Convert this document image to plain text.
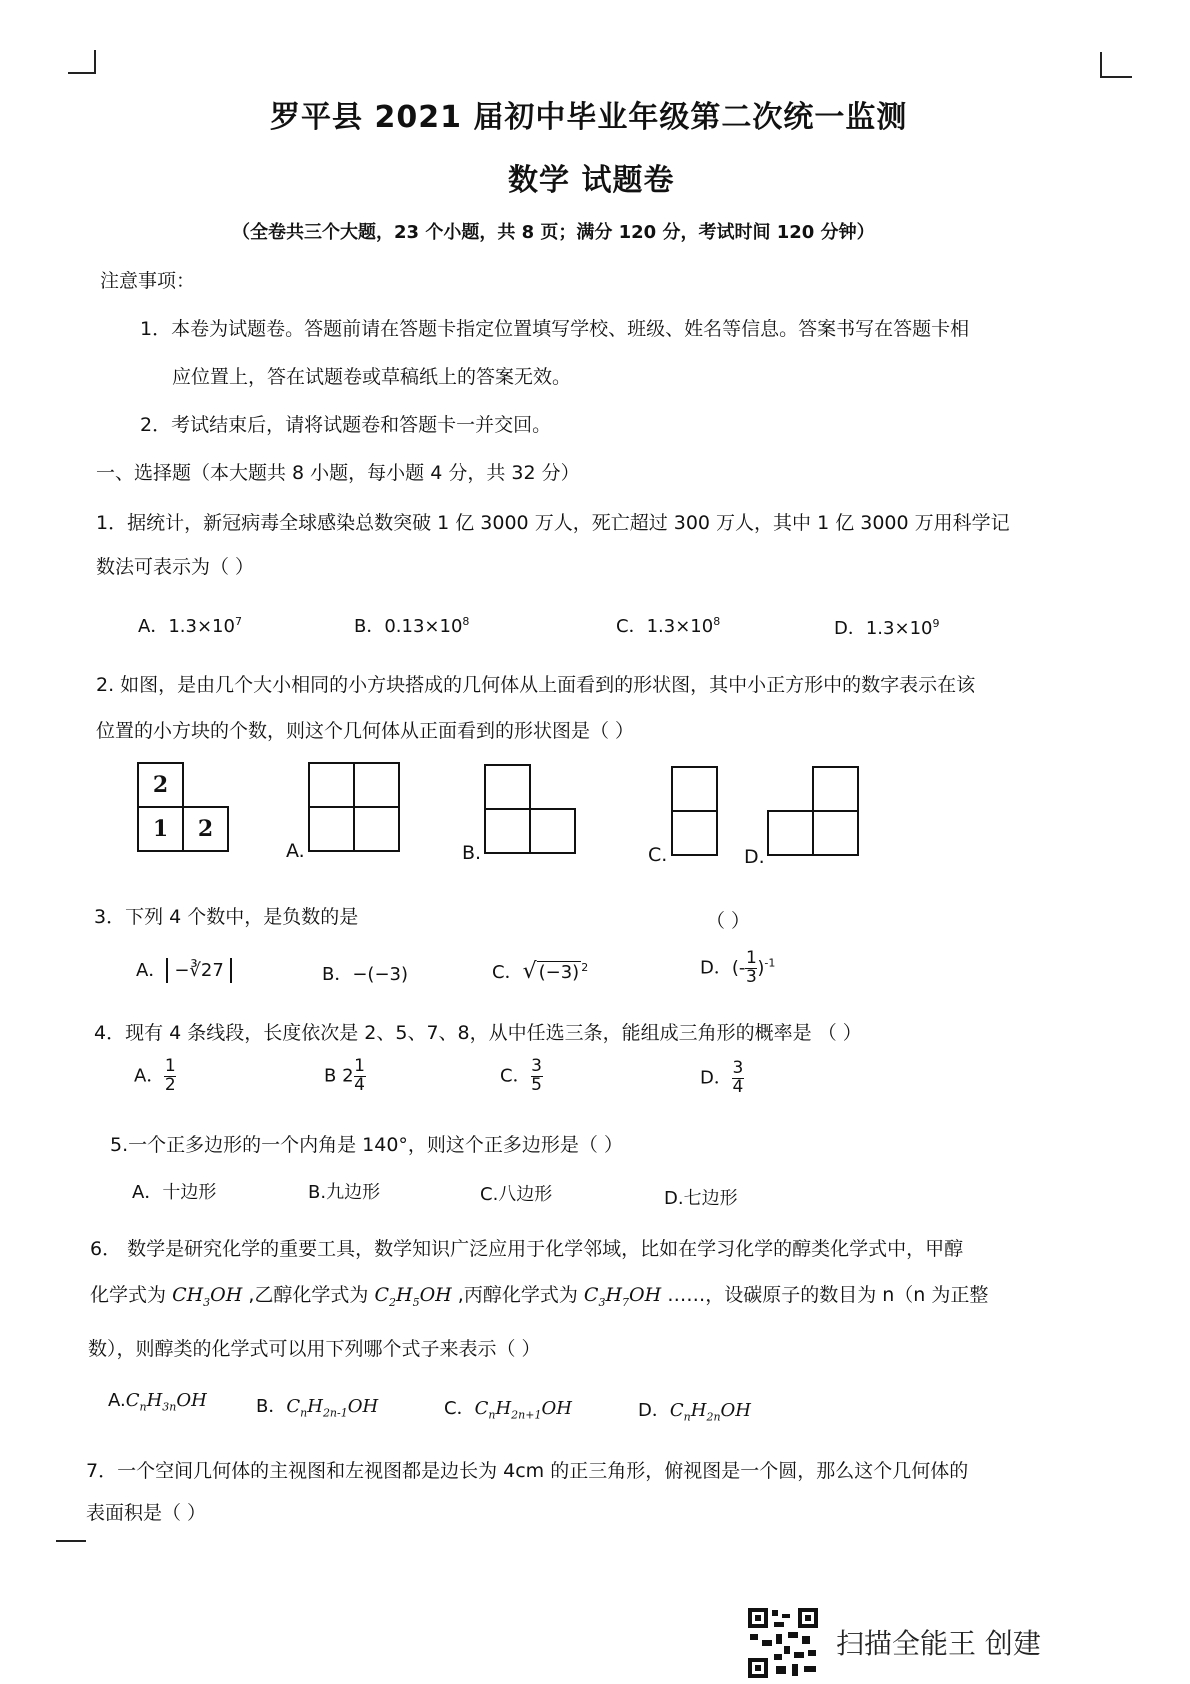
罗平县 2021 届初中毕业年级第二次统一监测
数学 试题卷
（全卷共三个大题，23 个小题，共 8 页；满分 120 分，考试时间 120 分钟）
注意事项：
1．本卷为试题卷。答题前请在答题卡指定位置填写学校、班级、姓名等信息。答案书写在答题卡相
应位置上，答在试题卷或草稿纸上的答案无效。
2．考试结束后，请将试题卷和答题卡一并交回。
一、选择题（本大题共 8 小题，每小题 4 分，共 32 分）
1．据统计，新冠病毒全球感染总数突破 1 亿 3000 万人，死亡超过 300 万人，其中 1 亿 3000 万用科学记
数法可表示为（ ）
A．$1.3\times 10^7$	B．$0.13\times 10^8$	C．$1.3\times 10^8$	D．$1.3\times 10^9$
2. 如图，是由几个大小相同的小方块搭成的几何体从上面看到的形状图，其中小正方形中的数字表示在该
位置的小方块的个数，则这个几何体从正面看到的形状图是（ ）
2
1 2
A.	B.	C.	D.
3．下列 4 个数中，是负数的是	（ ）
A． −∛27	B．−(−3)	C．√ (−3) $^2$	D．(- $\frac{1}{3} )^{-1}$
4．现有 4 条线段，长度依次是 2、5、7、8，从中任选三条，能组成三角形的概率是 （ ）
A． $\frac{1}{2}$	B $2 \frac{1}{4}$	C． $\frac{3}{5}$	D． $\frac{3}{4}$
5.一个正多边形的一个内角是 140°，则这个正多边形是（ ）
A．十边形	B.九边形	C.八边形	D.七边形
6． 数学是研究化学的重要工具，数学知识广泛应用于化学邻域，比如在学习化学的醇类化学式中，甲醇
化学式为 $CH_3OH$ ,乙醇化学式为 $C_2H_5OH$ ,丙醇化学式为 $C_3H_7OH$ ……，设碳原子的数目为 n（n 为正整
数），则醇类的化学式可以用下列哪个式子来表示（ ）
$A.C_nH_{3n}OH$	B．$C_nH_{2n-1}OH$	C．$C_nH_{2n+1}OH$	D．$C_nH_{2n}OH$
7．一个空间几何体的主视图和左视图都是边长为 4cm 的正三角形，俯视图是一个圆，那么这个几何体的
表面积是（ ）
扫描全能王 创建
